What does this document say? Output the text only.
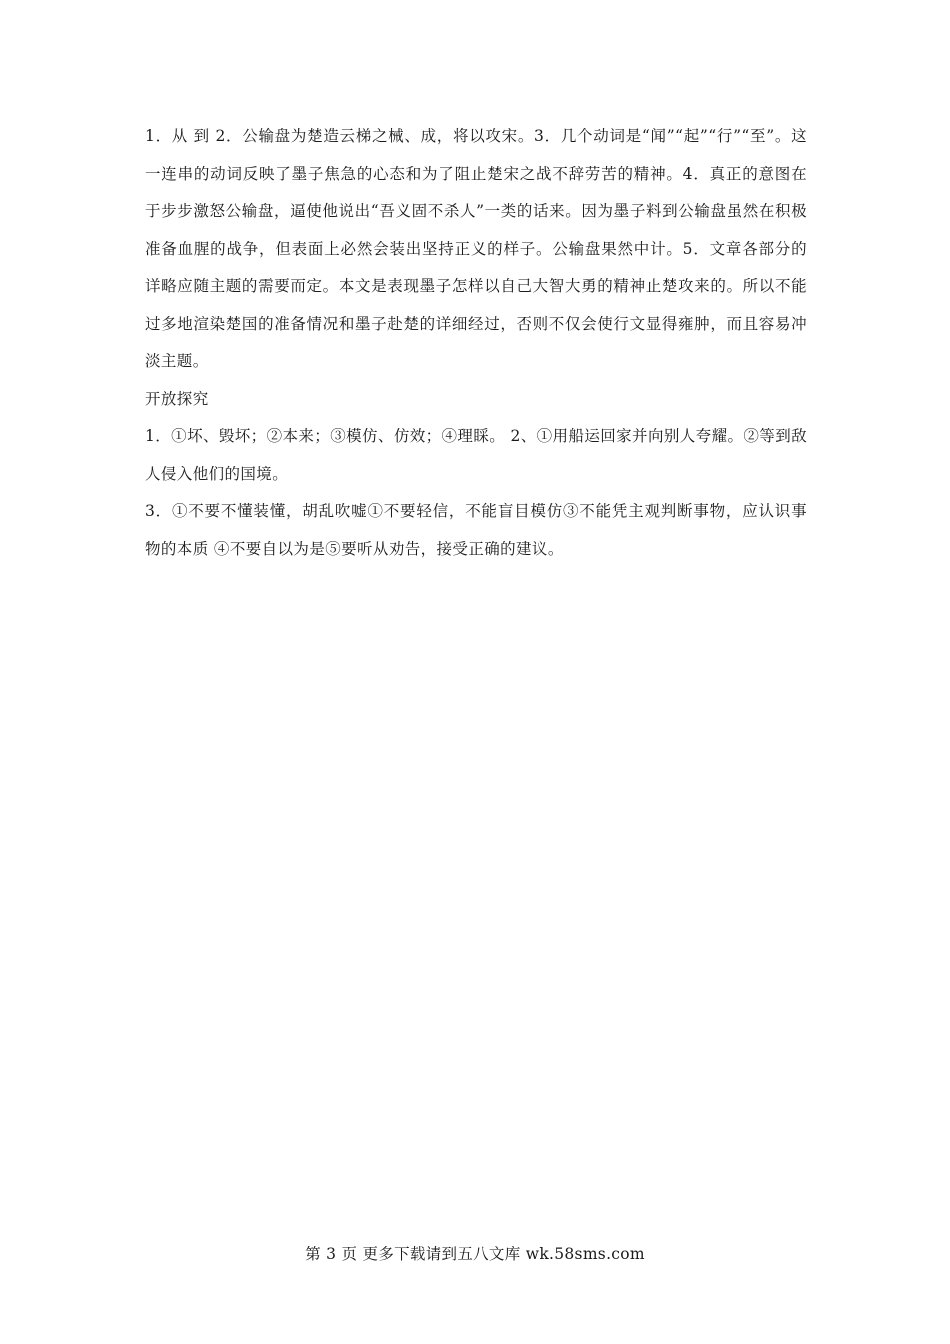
1．从 到 2．公输盘为楚造云梯之械、成，将以攻宋。3．几个动词是“闻”“起”“行”“至”。这一连串的动词反映了墨子焦急的心态和为了阻止楚宋之战不辞劳苦的精神。4．真正的意图在于步步激怒公输盘，逼使他说出“吾义固不杀人”一类的话来。因为墨子料到公输盘虽然在积极准备血腥的战争，但表面上必然会装出坚持正义的样子。公输盘果然中计。5．文章各部分的详略应随主题的需要而定。本文是表现墨子怎样以自己大智大勇的精神止楚攻来的。所以不能过多地渲染楚国的准备情况和墨子赴楚的详细经过，否则不仅会使行文显得雍肿，而且容易冲淡主题。

开放探究

1．①坏、毁坏；②本来；③模仿、仿效；④理睬。 2、①用船运回家并向别人夸耀。②等到敌人侵入他们的国境。

3．①不要不懂装懂，胡乱吹嘘①不要轻信，不能盲目模仿③不能凭主观判断事物，应认识事物的本质 ④不要自以为是⑤要听从劝告，接受正确的建议。

第 3 页 更多下载请到五八文库 wk.58sms.com
